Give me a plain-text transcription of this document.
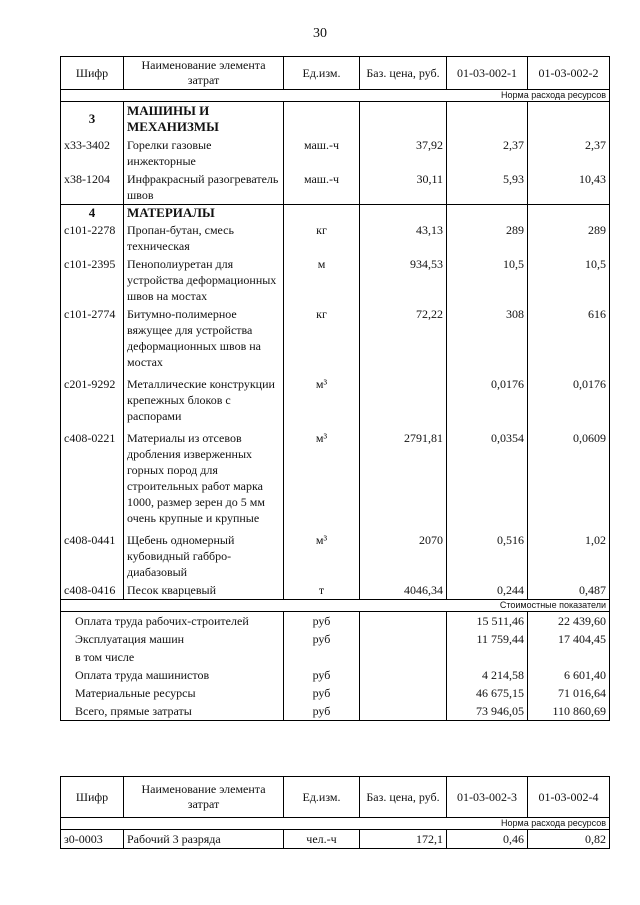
30
Шифр	Наименование элемента затрат	Ед.изм.	Баз. цена, руб.	01-03-002-1	01-03-002-2
Норма расхода ресурсов					
3	МАШИНЫ И МЕХАНИЗМЫ				

х33-3402	Горелки газовые инжекторные	маш.-ч	37,92	2,37	2,37
х38-1204	Инфракрасный разогреватель швов	маш.-ч	30,11	5,93	10,43
4	МАТЕРИАЛЫ				
с101-2278	Пропан-бутан, смесь техническая	кг	43,13	289	289
с101-2395	Пенополиуретан для устройства деформационных швов на мостах	м	934,53	10,5	10,5
с101-2774	Битумно-полимерное вяжущее для устройства деформационных швов на мостах	кг	72,22	308	616

с201-9292	Металлические конструкции крепежных блоков с распорами	м³		0,0176	0,0176

с408-0221	Материалы из отсевов дробления изверженных горных пород для строительных работ марка 1000, размер зерен до 5 мм очень крупные и крупные	м³	2791,81	0,0354	0,0609

с408-0441	Щебень одномерный кубовидный габбро-диабазовый	м³	2070	0,516	1,02
с408-0416	Песок кварцевый	т	4046,34	0,244	0,487
Стоимостные показатели					
Оплата труда рабочих-строителей		руб		15 511,46	22 439,60
Эксплуатация машин		руб		11 759,44	17 404,45
в том числе					
Оплата труда машинистов		руб		4 214,58	6 601,40
Материальные ресурсы		руб		46 675,15	71 016,64
Всего, прямые затраты		руб		73 946,05	110 860,69
Шифр	Наименование элемента затрат	Ед.изм.	Баз. цена, руб.	01-03-002-3	01-03-002-4
Норма расхода ресурсов					
з0-0003	Рабочий 3 разряда	чел.-ч	172,1	0,46	0,82
